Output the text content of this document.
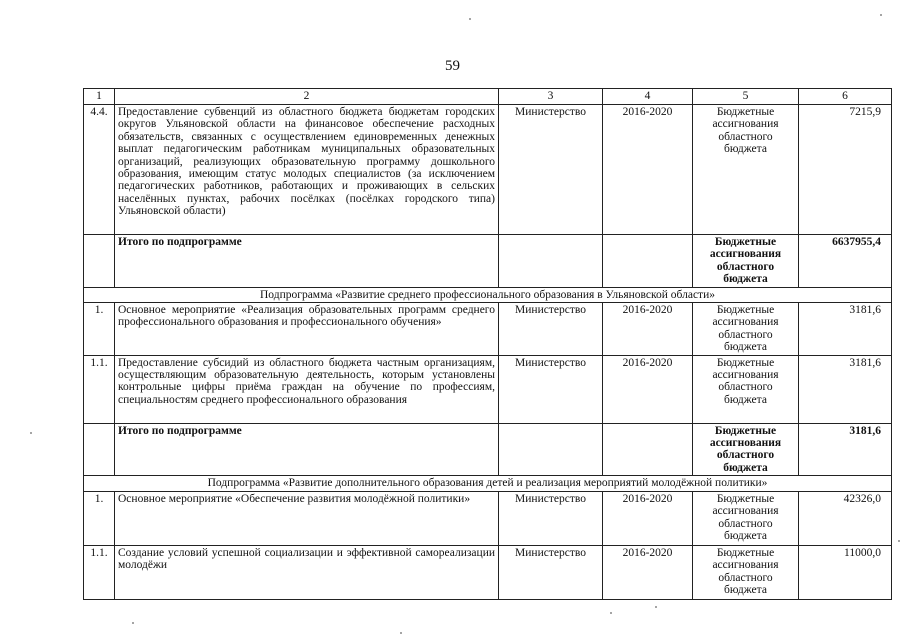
59
1	2	3	4	5	6
4.4.	Предоставление субвенций из областного бюджета бюджетам городских округов Ульяновской области на финансовое обеспечение расходных обязательств, связанных с осуществлением единовременных денежных выплат педагогическим работникам муниципальных образовательных организаций, реализующих образовательную программу дошкольного образования, имеющим статус молодых специалистов (за исключением педагогических работников, работающих и проживающих в сельских населённых пунктах, рабочих посёлках (посёлках городского типа) Ульяновской области)	Министерство	2016-2020	Бюджетные ассигнования областного бюджета	7215,9
	Итого по подпрограмме			Бюджетные ассигнования областного бюджета	6637955,4
Подпрограмма «Развитие среднего профессионального образования в Ульяновской области»					
1.	Основное мероприятие «Реализация образовательных программ среднего профессионального образования и профессионального обучения»	Министерство	2016-2020	Бюджетные ассигнования областного бюджета	3181,6
1.1.	Предоставление субсидий из областного бюджета частным организациям, осуществляющим образовательную деятельность, которым установлены контрольные цифры приёма граждан на обучение по профессиям, специальностям среднего профессионального образования	Министерство	2016-2020	Бюджетные ассигнования областного бюджета	3181,6
	Итого по подпрограмме			Бюджетные ассигнования областного бюджета	3181,6
Подпрограмма «Развитие дополнительного образования детей и реализация мероприятий молодёжной политики»					
1.	Основное мероприятие «Обеспечение развития молодёжной политики»	Министерство	2016-2020	Бюджетные ассигнования областного бюджета	42326,0
1.1.	Создание условий успешной социализации и эффективной самореализации молодёжи	Министерство	2016-2020	Бюджетные ассигнования областного бюджета	11000,0
